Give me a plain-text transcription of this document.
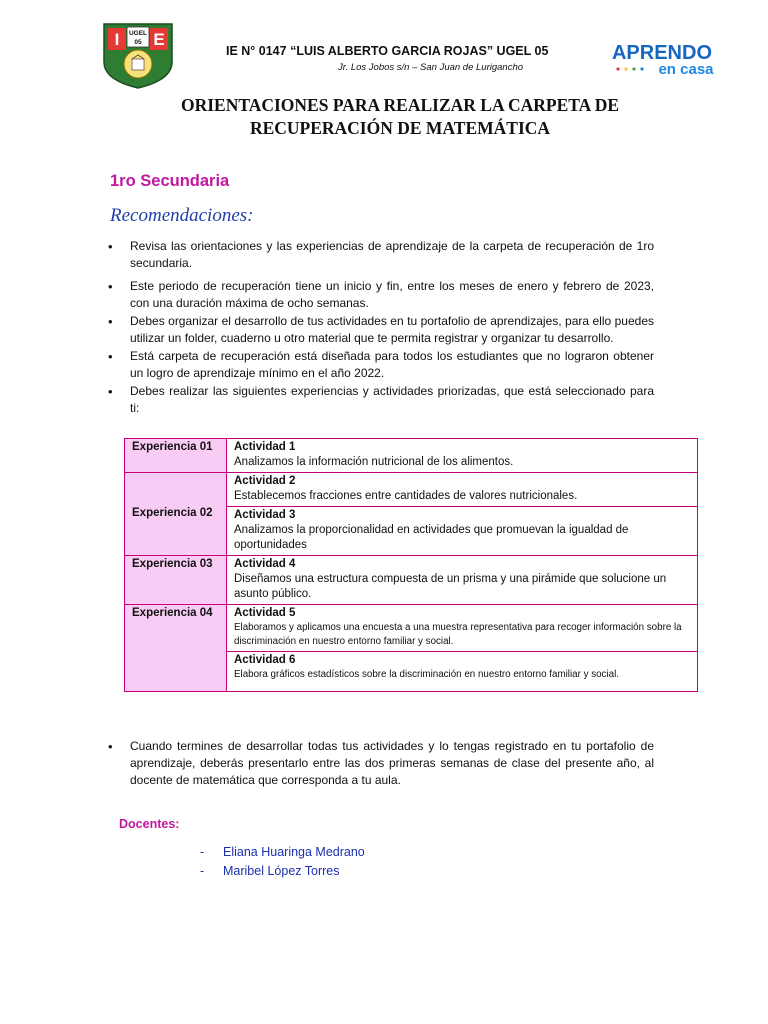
I E
UGEL
05
IE N° 0147 “LUIS ALBERTO GARCIA ROJAS” UGEL 05
Jr. Los Jobos s/n – San Juan de Lurigancho
APRENDO
en casa
ORIENTACIONES PARA REALIZAR LA CARPETA DE
RECUPERACIÓN DE MATEMÁTICA
1ro Secundaria
Recomendaciones:
• Revisa las orientaciones y las experiencias de aprendizaje de la carpeta de recuperación de 1ro secundaria.
• Este periodo de recuperación tiene un inicio y fin, entre los meses de enero y febrero de 2023, con una duración máxima de ocho semanas.
• Debes organizar el desarrollo de tus actividades en tu portafolio de aprendizajes, para ello puedes utilizar un folder, cuaderno u otro material que te permita registrar y organizar tu desarrollo.
• Está carpeta de recuperación está diseñada para todos los estudiantes que no lograron obtener un logro de aprendizaje mínimo en el año 2022.
• Debes realizar las siguientes experiencias y actividades priorizadas, que está seleccionado para ti:
Experiencia 01	Actividad 1
Analizamos la información nutricional de los alimentos.

Experiencia 02	Actividad 2
Establecemos fracciones entre cantidades de valores nutricionales.

	Actividad 3
Analizamos la proporcionalidad en actividades que promuevan la igualdad de oportunidades

Experiencia 03	Actividad 4
Diseñamos una estructura compuesta de un prisma y una pirámide que solucione un asunto público.

Experiencia 04	Actividad 5
Elaboramos y aplicamos una encuesta a una muestra representativa para recoger información sobre la discriminación en nuestro entorno familiar y social.

	Actividad 6
Elabora gráficos estadísticos sobre la discriminación en nuestro entorno familiar y social.
• Cuando termines de desarrollar todas tus actividades y lo tengas registrado en tu portafolio de aprendizaje, deberás presentarlo entre las dos primeras semanas de clase del presente año, al docente de matemática que corresponda a tu aula.
Docentes:
- Eliana Huaringa Medrano
- Maribel López Torres
